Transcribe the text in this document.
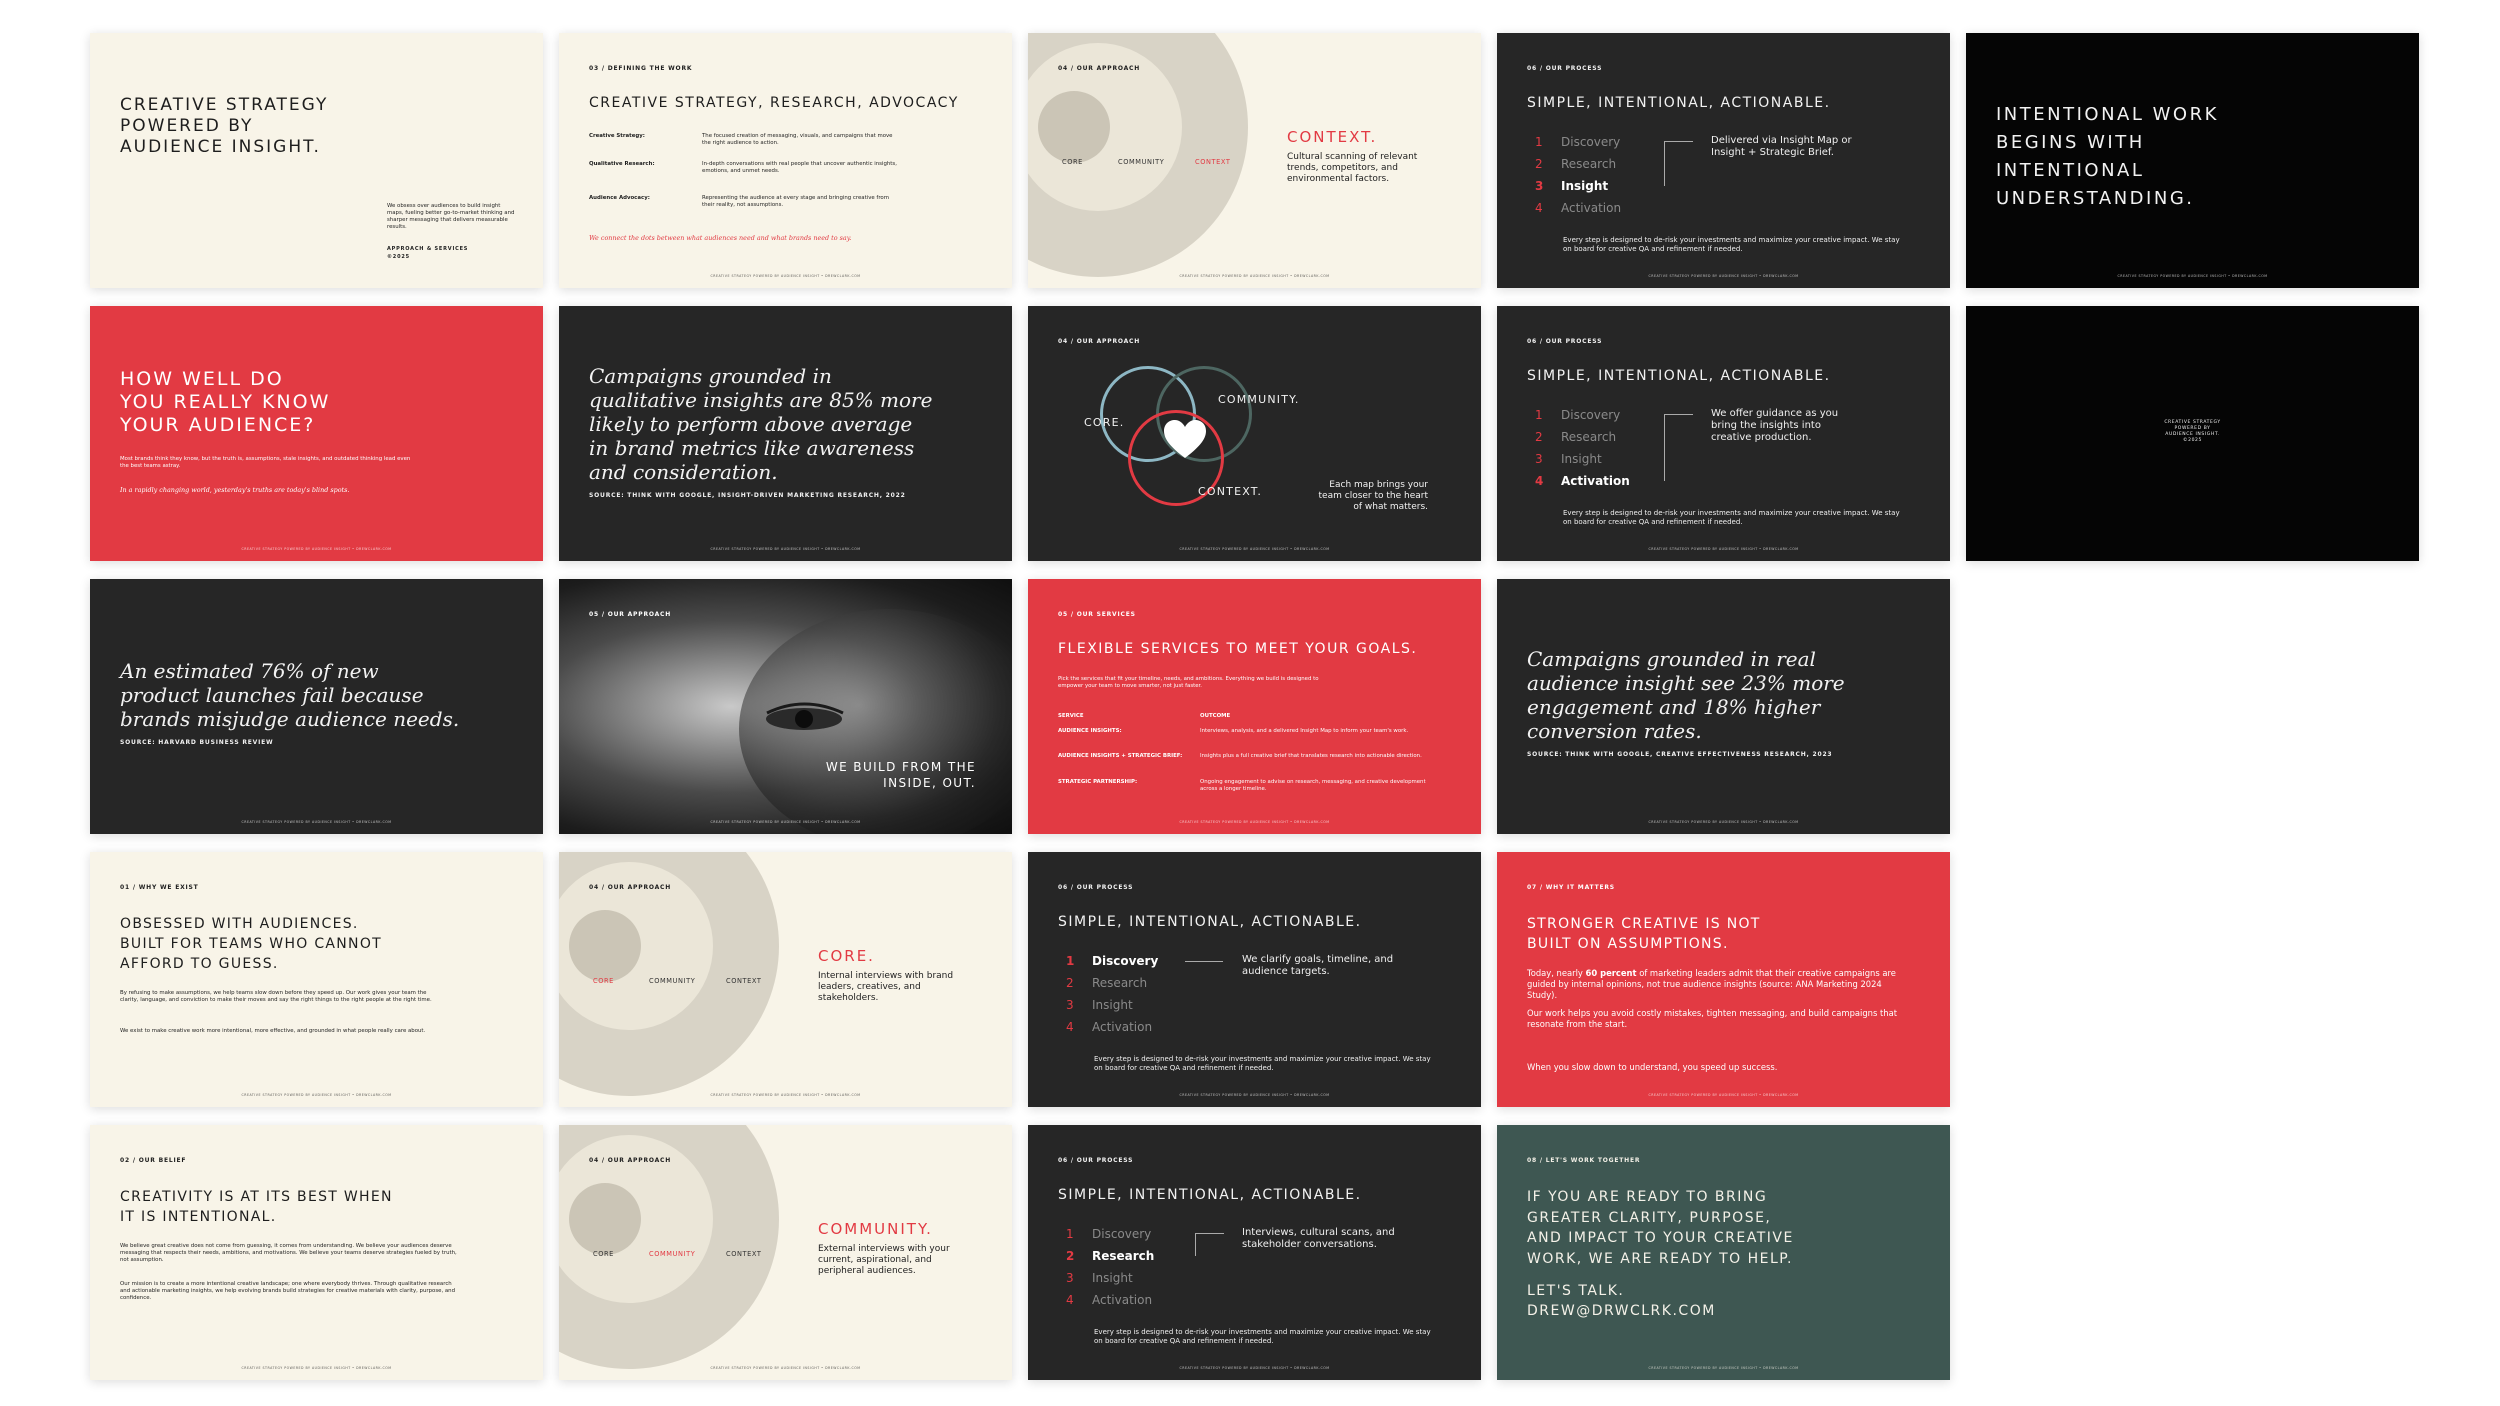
CREATIVE STRATEGY
POWERED BY
AUDIENCE INSIGHT.
We obsess over audiences to build insight maps, fueling better go-to-market thinking and sharper messaging that delivers measurable results.
APPROACH & SERVICES
©2025
03 / DEFINING THE WORK
CREATIVE STRATEGY, RESEARCH, ADVOCACY
Creative Strategy:	The focused creation of messaging, visuals, and campaigns that move the right audience to action.
Qualitative Research:	In-depth conversations with real people that uncover authentic insights, emotions, and unmet needs.
Audience Advocacy:	Representing the audience at every stage and bringing creative from their reality, not assumptions.
We connect the dots between what audiences need and what brands need to say.
CREATIVE STRATEGY POWERED BY AUDIENCE INSIGHT • DREWCLARK.COM
04 / OUR APPROACH
CORE	COMMUNITY	CONTEXT
CONTEXT.
Cultural scanning of relevant trends, competitors, and environmental factors.
CREATIVE STRATEGY POWERED BY AUDIENCE INSIGHT • DREWCLARK.COM
06 / OUR PROCESS
SIMPLE, INTENTIONAL, ACTIONABLE.
1 Discovery
2 Research
3 Insight
4 Activation
Delivered via Insight Map or Insight + Strategic Brief.
Every step is designed to de-risk your investments and maximize your creative impact. We stay on board for creative QA and refinement if needed.
CREATIVE STRATEGY POWERED BY AUDIENCE INSIGHT • DREWCLARK.COM
INTENTIONAL WORK
BEGINS WITH
INTENTIONAL
UNDERSTANDING.
CREATIVE STRATEGY POWERED BY AUDIENCE INSIGHT • DREWCLARK.COM
HOW WELL DO
YOU REALLY KNOW
YOUR AUDIENCE?
Most brands think they know, but the truth is, assumptions, stale insights, and outdated thinking lead even the best teams astray.
In a rapidly changing world, yesterday's truths are today's blind spots.
CREATIVE STRATEGY POWERED BY AUDIENCE INSIGHT • DREWCLARK.COM
Campaigns grounded in
qualitative insights are 85% more
likely to perform above average
in brand metrics like awareness
and consideration.
SOURCE: THINK WITH GOOGLE, INSIGHT-DRIVEN MARKETING RESEARCH, 2022
CREATIVE STRATEGY POWERED BY AUDIENCE INSIGHT • DREWCLARK.COM
04 / OUR APPROACH
CORE.
COMMUNITY.
CONTEXT.	Each map brings your
team closer to the heart
of what matters.
CREATIVE STRATEGY POWERED BY AUDIENCE INSIGHT • DREWCLARK.COM
06 / OUR PROCESS
SIMPLE, INTENTIONAL, ACTIONABLE.
1 Discovery
2 Research
3 Insight
4 Activation
We offer guidance as you bring the insights into creative production.
Every step is designed to de-risk your investments and maximize your creative impact. We stay on board for creative QA and refinement if needed.
CREATIVE STRATEGY POWERED BY AUDIENCE INSIGHT • DREWCLARK.COM
CREATIVE STRATEGY
POWERED BY
AUDIENCE INSIGHT.
©2025
An estimated 76% of new
product launches fail because
brands misjudge audience needs.
SOURCE: HARVARD BUSINESS REVIEW
CREATIVE STRATEGY POWERED BY AUDIENCE INSIGHT • DREWCLARK.COM
05 / OUR APPROACH
WE BUILD FROM THE
INSIDE, OUT.
CREATIVE STRATEGY POWERED BY AUDIENCE INSIGHT • DREWCLARK.COM
05 / OUR SERVICES
FLEXIBLE SERVICES TO MEET YOUR GOALS.
Pick the services that fit your timeline, needs, and ambitions. Everything we build is designed to empower your team to move smarter, not just faster.
SERVICE	OUTCOME
AUDIENCE INSIGHTS:	Interviews, analysis, and a delivered Insight Map to inform your team's work.
AUDIENCE INSIGHTS + STRATEGIC BRIEF:	Insights plus a full creative brief that translates research into actionable direction.
STRATEGIC PARTNERSHIP:	Ongoing engagement to advise on research, messaging, and creative development across a longer timeline.
CREATIVE STRATEGY POWERED BY AUDIENCE INSIGHT • DREWCLARK.COM
Campaigns grounded in real
audience insight see 23% more
engagement and 18% higher
conversion rates.
SOURCE: THINK WITH GOOGLE, CREATIVE EFFECTIVENESS RESEARCH, 2023
CREATIVE STRATEGY POWERED BY AUDIENCE INSIGHT • DREWCLARK.COM
01 / WHY WE EXIST
OBSESSED WITH AUDIENCES.
BUILT FOR TEAMS WHO CANNOT
AFFORD TO GUESS.
By refusing to make assumptions, we help teams slow down before they speed up. Our work gives your team the clarity, language, and conviction to make their moves and say the right things to the right people at the right time.
We exist to make creative work more intentional, more effective, and grounded in what people really care about.
CREATIVE STRATEGY POWERED BY AUDIENCE INSIGHT • DREWCLARK.COM
04 / OUR APPROACH
CORE	COMMUNITY	CONTEXT
CORE.
Internal interviews with brand leaders, creatives, and stakeholders.
CREATIVE STRATEGY POWERED BY AUDIENCE INSIGHT • DREWCLARK.COM
06 / OUR PROCESS
SIMPLE, INTENTIONAL, ACTIONABLE.
1 Discovery
2 Research
3 Insight
4 Activation
We clarify goals, timeline, and audience targets.
Every step is designed to de-risk your investments and maximize your creative impact. We stay on board for creative QA and refinement if needed.
CREATIVE STRATEGY POWERED BY AUDIENCE INSIGHT • DREWCLARK.COM
07 / WHY IT MATTERS
STRONGER CREATIVE IS NOT
BUILT ON ASSUMPTIONS.
Today, nearly 60 percent of marketing leaders admit that their creative campaigns are guided by internal opinions, not true audience insights (source: ANA Marketing 2024 Study).
Our work helps you avoid costly mistakes, tighten messaging, and build campaigns that resonate from the start.
When you slow down to understand, you speed up success.
CREATIVE STRATEGY POWERED BY AUDIENCE INSIGHT • DREWCLARK.COM
02 / OUR BELIEF
CREATIVITY IS AT ITS BEST WHEN
IT IS INTENTIONAL.
We believe great creative does not come from guessing, it comes from understanding. We believe your audiences deserve messaging that respects their needs, ambitions, and motivations. We believe your teams deserve strategies fueled by truth, not assumption.
Our mission is to create a more intentional creative landscape; one where everybody thrives. Through qualitative research and actionable marketing insights, we help evolving brands build strategies for creative materials with clarity, purpose, and confidence.
CREATIVE STRATEGY POWERED BY AUDIENCE INSIGHT • DREWCLARK.COM
04 / OUR APPROACH
CORE	COMMUNITY	CONTEXT
COMMUNITY.
External interviews with your current, aspirational, and peripheral audiences.
CREATIVE STRATEGY POWERED BY AUDIENCE INSIGHT • DREWCLARK.COM
06 / OUR PROCESS
SIMPLE, INTENTIONAL, ACTIONABLE.
1 Discovery
2 Research
3 Insight
4 Activation
Interviews, cultural scans, and stakeholder conversations.
Every step is designed to de-risk your investments and maximize your creative impact. We stay on board for creative QA and refinement if needed.
CREATIVE STRATEGY POWERED BY AUDIENCE INSIGHT • DREWCLARK.COM
08 / LET'S WORK TOGETHER
IF YOU ARE READY TO BRING
GREATER CLARITY, PURPOSE,
AND IMPACT TO YOUR CREATIVE
WORK, WE ARE READY TO HELP.
LET'S TALK.
DREW@DRWCLRK.COM
CREATIVE STRATEGY POWERED BY AUDIENCE INSIGHT • DREWCLARK.COM
